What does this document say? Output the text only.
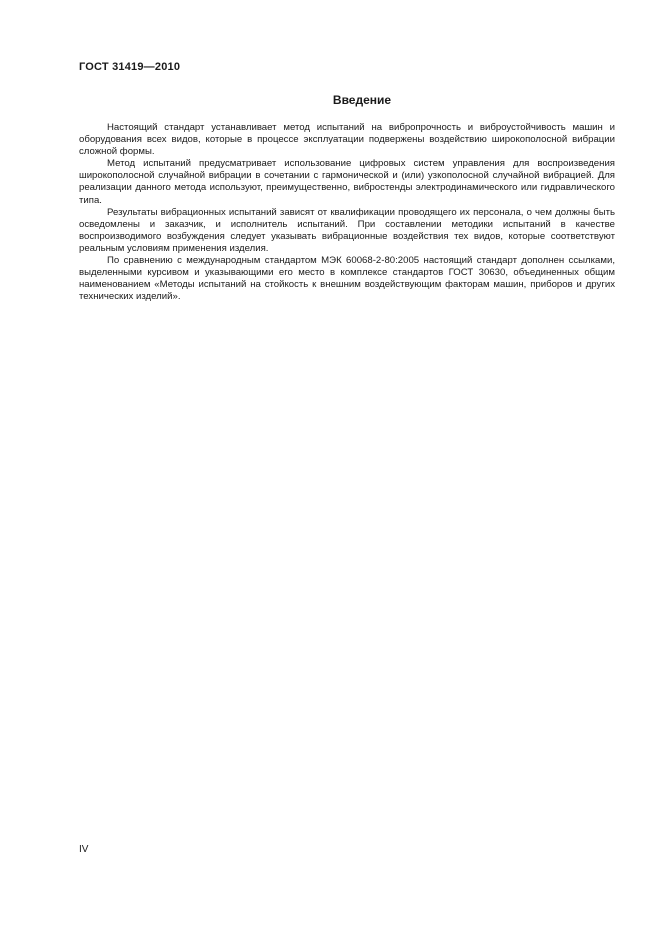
ГОСТ 31419—2010
Введение

Настоящий стандарт устанавливает метод испытаний на вибропрочность и виброустойчивость машин и оборудования всех видов, которые в процессе эксплуатации подвержены воздействию широкополосной вибрации сложной формы.

Метод испытаний предусматривает использование цифровых систем управления для воспроизведения широкополосной случайной вибрации в сочетании с гармонической и (или) узкополосной случайной вибрацией. Для реализации данного метода используют, преимущественно, вибростенды электродинамического или гидравлического типа.

Результаты вибрационных испытаний зависят от квалификации проводящего их персонала, о чем должны быть осведомлены и заказчик, и исполнитель испытаний. При составлении методики испытаний в качестве воспроизводимого возбуждения следует указывать вибрационные воздействия тех видов, которые соответствуют реальным условиям применения изделия.

По сравнению с международным стандартом МЭК 60068-2-80:2005 настоящий стандарт дополнен ссылками, выделенными курсивом и указывающими его место в комплексе стандартов ГОСТ 30630, объединенных общим наименованием «Методы испытаний на стойкость к внешним воздействующим факторам машин, приборов и других технических изделий».

IV
